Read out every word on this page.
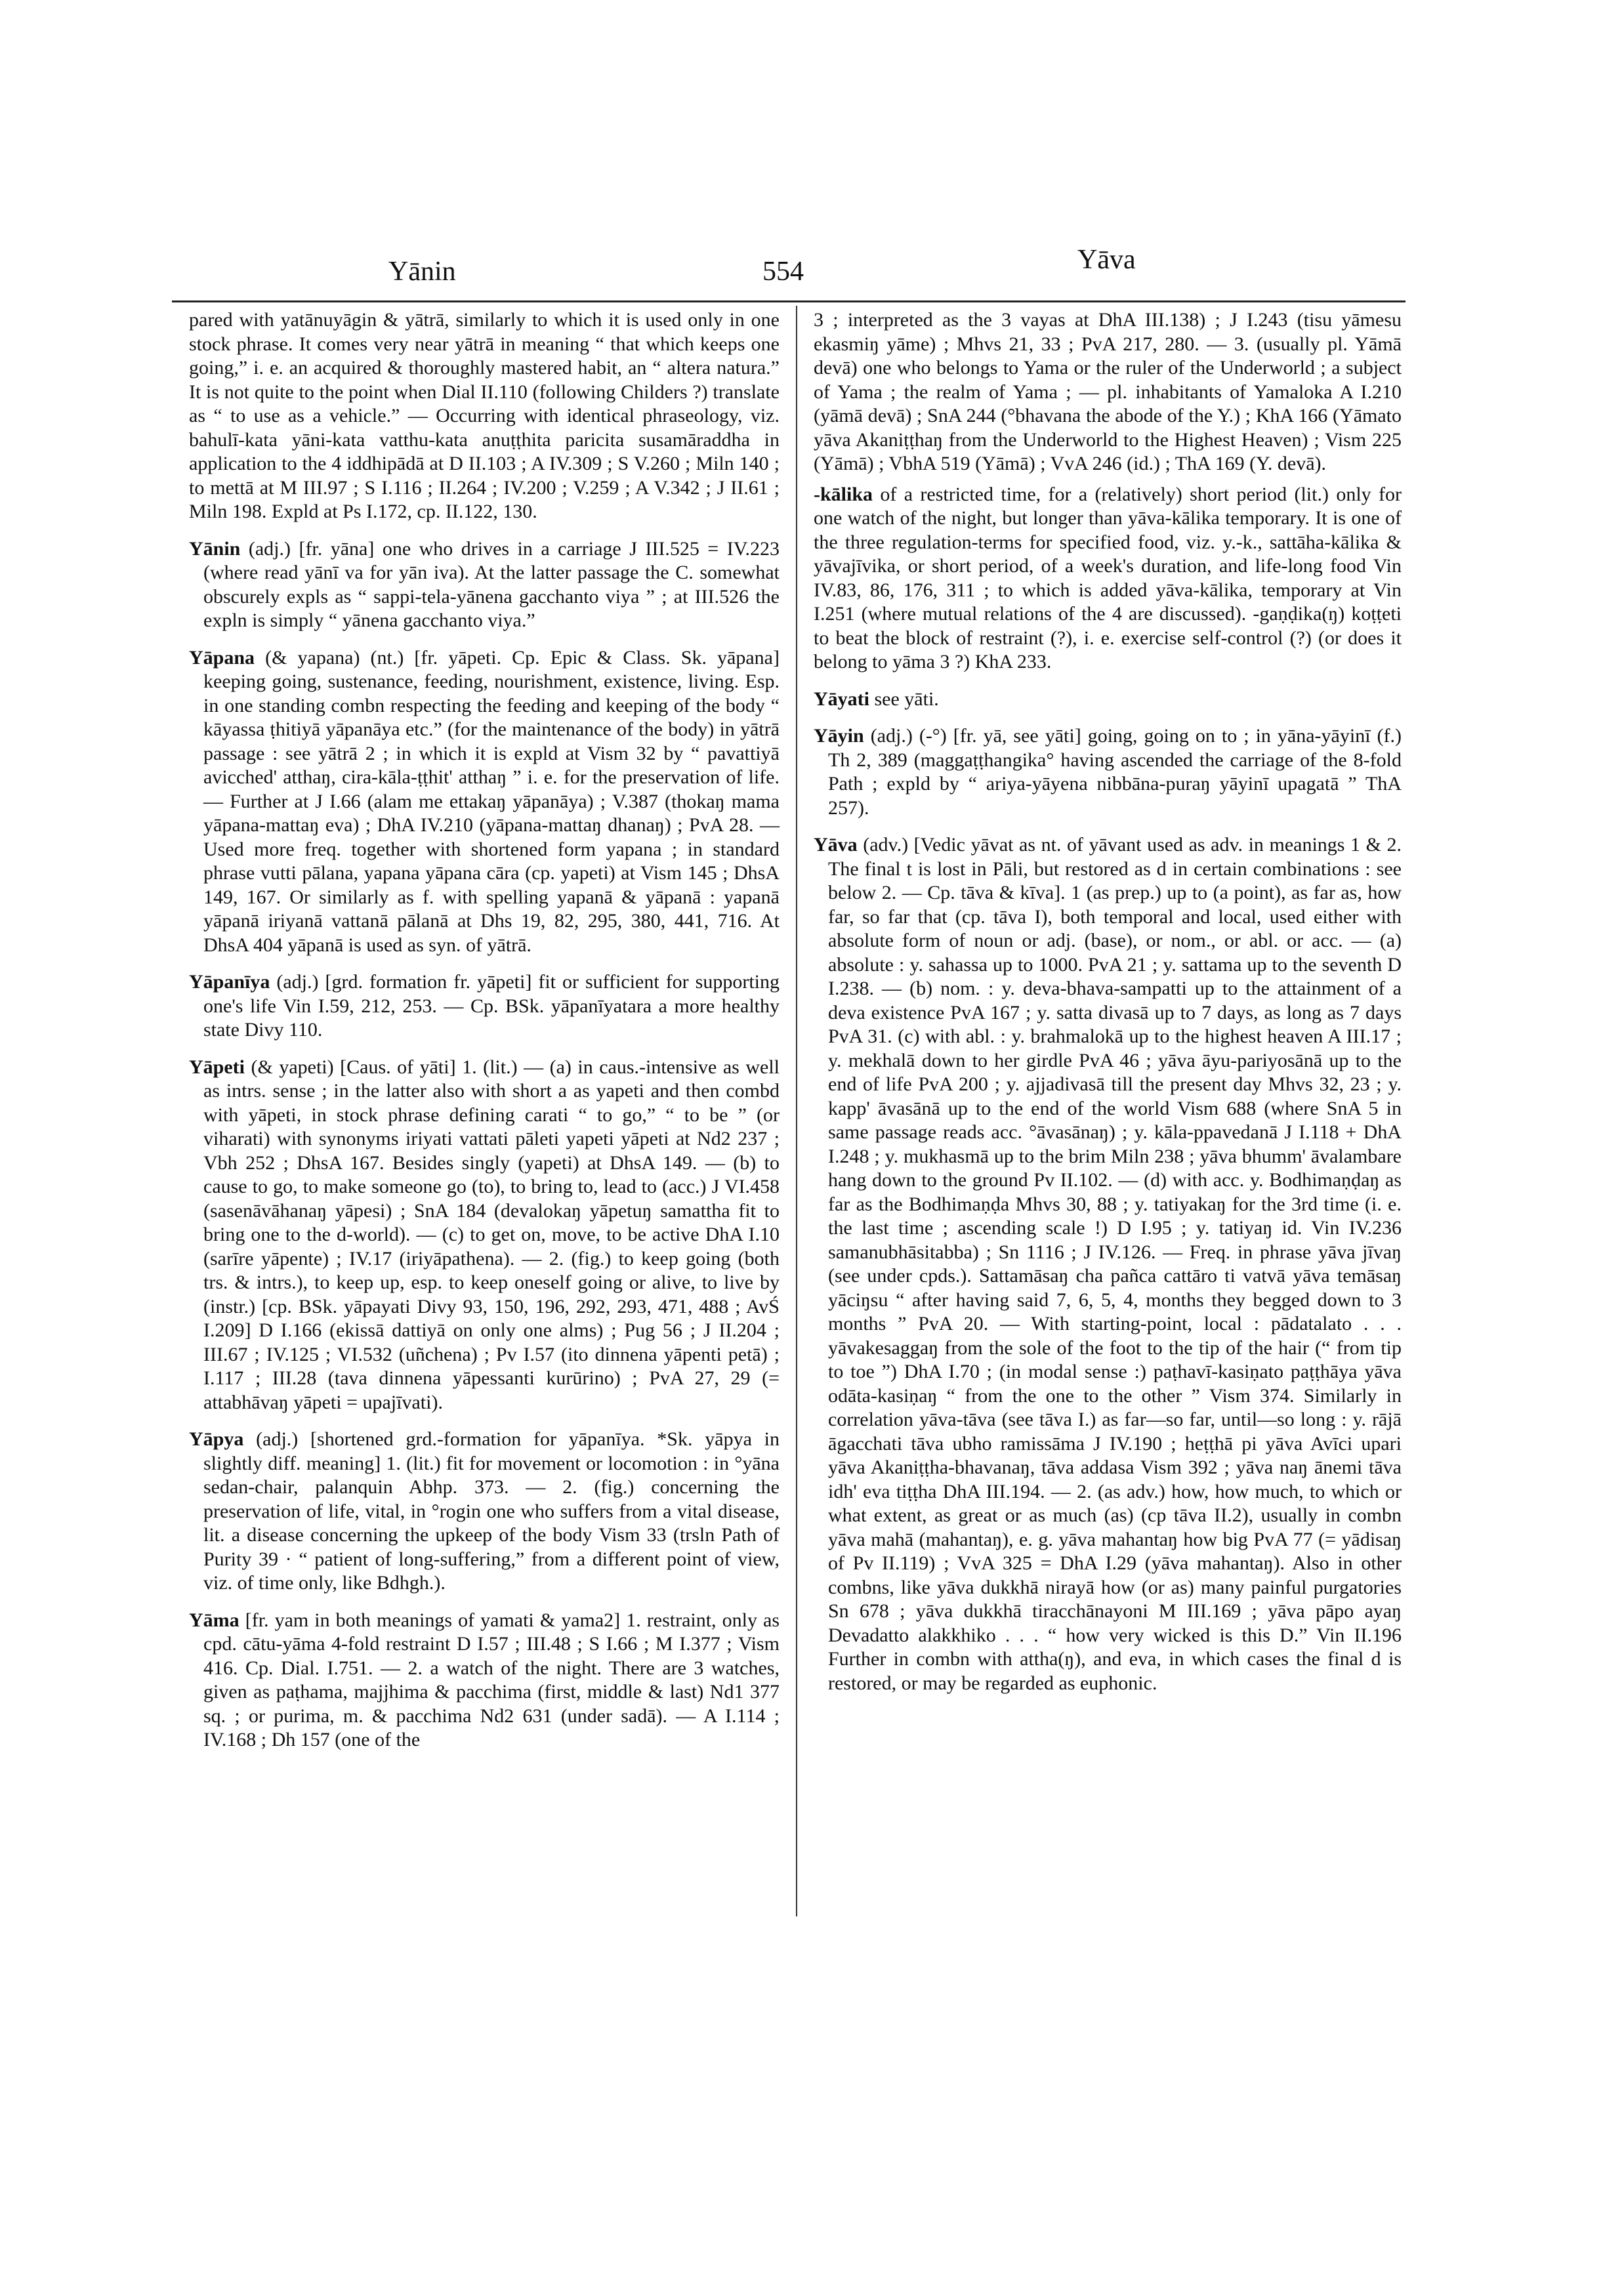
Yānin	554	Yāva

pared with yatānuyāgin & yātrā, similarly to which it is used only in one stock phrase. It comes very near yātrā in meaning “ that which keeps one going,” i. e. an acquired & thoroughly mastered habit, an “ altera natura.” It is not quite to the point when Dial II.110 (following Childers ?) translate as “ to use as a vehicle.” — Occurring with identical phraseology, viz. bahulī-kata yāni-kata vatthu-kata anuṭṭhita paricita susamāraddha in application to the 4 iddhipādā at D II.103 ; A IV.309 ; S V.260 ; Miln 140 ; to mettā at M III.97 ; S I.116 ; II.264 ; IV.200 ; V.259 ; A V.342 ; J II.61 ; Miln 198. Expld at Ps I.172, cp. II.122, 130.

Yānin (adj.) [fr. yāna] one who drives in a carriage J III.525 = IV.223 (where read yānī va for yān iva). At the latter passage the C. somewhat obscurely expls as “ sappi-tela-yānena gacchanto viya ” ; at III.526 the expln is simply “ yānena gacchanto viya.”

Yāpana (& yapana) (nt.) [fr. yāpeti. Cp. Epic & Class. Sk. yāpana] keeping going, sustenance, feeding, nourishment, existence, living. Esp. in one standing combn respecting the feeding and keeping of the body “ kāyassa ṭhitiyā yāpanāya etc.” (for the maintenance of the body) in yātrā passage : see yātrā 2 ; in which it is expld at Vism 32 by “ pavattiyā avicched' atthaŋ, cira-kāla-ṭṭhit' atthaŋ ” i. e. for the preservation of life. — Further at J I.66 (alam me ettakaŋ yāpanāya) ; V.387 (thokaŋ mama yāpana-mattaŋ eva) ; DhA IV.210 (yāpana-mattaŋ dhanaŋ) ; PvA 28. — Used more freq. together with shortened form yapana ; in standard phrase vutti pālana, yapana yāpana cāra (cp. yapeti) at Vism 145 ; DhsA 149, 167. Or similarly as f. with spelling yapanā & yāpanā : yapanā yāpanā iriyanā vattanā pālanā at Dhs 19, 82, 295, 380, 441, 716. At DhsA 404 yāpanā is used as syn. of yātrā.

Yāpanīya (adj.) [grd. formation fr. yāpeti] fit or sufficient for supporting one's life Vin I.59, 212, 253. — Cp. BSk. yāpanīyatara a more healthy state Divy 110.

Yāpeti (& yapeti) [Caus. of yāti] 1. (lit.) — (a) in caus.-intensive as well as intrs. sense ; in the latter also with short a as yapeti and then combd with yāpeti, in stock phrase defining carati “ to go,” “ to be ” (or viharati) with synonyms iriyati vattati pāleti yapeti yāpeti at Nd2 237 ; Vbh 252 ; DhsA 167. Besides singly (yapeti) at DhsA 149. — (b) to cause to go, to make someone go (to), to bring to, lead to (acc.) J VI.458 (sasenāvāhanaŋ yāpesi) ; SnA 184 (devalokaŋ yāpetuŋ samattha fit to bring one to the d-world). — (c) to get on, move, to be active DhA I.10 (sarīre yāpente) ; IV.17 (iriyāpathena). — 2. (fig.) to keep going (both trs. & intrs.), to keep up, esp. to keep oneself going or alive, to live by (instr.) [cp. BSk. yāpayati Divy 93, 150, 196, 292, 293, 471, 488 ; AvŚ I.209] D I.166 (ekissā dattiyā on only one alms) ; Pug 56 ; J II.204 ; III.67 ; IV.125 ; VI.532 (uñchena) ; Pv I.57 (ito dinnena yāpenti petā) ; I.117 ; III.28 (tava dinnena yāpessanti kurūrino) ; PvA 27, 29 (= attabhāvaŋ yāpeti = upajīvati).

Yāpya (adj.) [shortened grd.-formation for yāpanīya. *Sk. yāpya in slightly diff. meaning] 1. (lit.) fit for movement or locomotion : in °yāna sedan-chair, palanquin Abhp. 373. — 2. (fig.) concerning the preservation of life, vital, in °rogin one who suffers from a vital disease, lit. a disease concerning the upkeep of the body Vism 33 (trsln Path of Purity 39 · “ patient of long-suffering,” from a different point of view, viz. of time only, like Bdhgh.).

Yāma [fr. yam in both meanings of yamati & yama2] 1. restraint, only as cpd. cātu-yāma 4-fold restraint D I.57 ; III.48 ; S I.66 ; M I.377 ; Vism 416. Cp. Dial. I.751. — 2. a watch of the night. There are 3 watches, given as paṭhama, majjhima & pacchima (first, middle & last) Nd1 377 sq. ; or purima, m. & pacchima Nd2 631 (under sadā). — A I.114 ; IV.168 ; Dh 157 (one of the

3 ; interpreted as the 3 vayas at DhA III.138) ; J I.243 (tisu yāmesu ekasmiŋ yāme) ; Mhvs 21, 33 ; PvA 217, 280. — 3. (usually pl. Yāmā devā) one who belongs to Yama or the ruler of the Underworld ; a subject of Yama ; the realm of Yama ; — pl. inhabitants of Yamaloka A I.210 (yāmā devā) ; SnA 244 (°bhavana the abode of the Y.) ; KhA 166 (Yāmato yāva Akaniṭṭhaŋ from the Underworld to the Highest Heaven) ; Vism 225 (Yāmā) ; VbhA 519 (Yāmā) ; VvA 246 (id.) ; ThA 169 (Y. devā).

-kālika of a restricted time, for a (relatively) short period (lit.) only for one watch of the night, but longer than yāva-kālika temporary. It is one of the three regulation-terms for specified food, viz. y.-k., sattāha-kālika & yāvajīvika, or short period, of a week's duration, and life-long food Vin IV.83, 86, 176, 311 ; to which is added yāva-kālika, temporary at Vin I.251 (where mutual relations of the 4 are discussed). -gaṇḍika(ŋ) koṭṭeti to beat the block of restraint (?), i. e. exercise self-control (?) (or does it belong to yāma 3 ?) KhA 233.

Yāyati see yāti.

Yāyin (adj.) (-°) [fr. yā, see yāti] going, going on to ; in yāna-yāyinī (f.) Th 2, 389 (maggaṭṭhangika° having ascended the carriage of the 8-fold Path ; expld by “ ariya-yāyena nibbāna-puraŋ yāyinī upagatā ” ThA 257).

Yāva (adv.) [Vedic yāvat as nt. of yāvant used as adv. in meanings 1 & 2. The final t is lost in Pāli, but restored as d in certain combinations : see below 2. — Cp. tāva & kīva]. 1 (as prep.) up to (a point), as far as, how far, so far that (cp. tāva I), both temporal and local, used either with absolute form of noun or adj. (base), or nom., or abl. or acc. — (a) absolute : y. sahassa up to 1000. PvA 21 ; y. sattama up to the seventh D I.238. — (b) nom. : y. deva-bhava-sampatti up to the attainment of a deva existence PvA 167 ; y. satta divasā up to 7 days, as long as 7 days PvA 31. (c) with abl. : y. brahmalokā up to the highest heaven A III.17 ; y. mekhalā down to her girdle PvA 46 ; yāva āyu-pariyosānā up to the end of life PvA 200 ; y. ajjadivasā till the present day Mhvs 32, 23 ; y. kapp' āvasānā up to the end of the world Vism 688 (where SnA 5 in same passage reads acc. °āvasānaŋ) ; y. kāla-ppavedanā J I.118 + DhA I.248 ; y. mukhasmā up to the brim Miln 238 ; yāva bhumm' āvalambare hang down to the ground Pv II.102. — (d) with acc. y. Bodhimaṇḍaŋ as far as the Bodhimaṇḍa Mhvs 30, 88 ; y. tatiyakaŋ for the 3rd time (i. e. the last time ; ascending scale !) D I.95 ; y. tatiyaŋ id. Vin IV.236 samanubhāsitabba) ; Sn 1116 ; J IV.126. — Freq. in phrase yāva jīvaŋ (see under cpds.). Sattamāsaŋ cha pañca cattāro ti vatvā yāva temāsaŋ yāciŋsu “ after having said 7, 6, 5, 4, months they begged down to 3 months ” PvA 20. — With starting-point, local : pādatalato . . . yāvakesaggaŋ from the sole of the foot to the tip of the hair (“ from tip to toe ”) DhA I.70 ; (in modal sense :) paṭhavī-kasiṇato paṭṭhāya yāva odāta-kasiṇaŋ “ from the one to the other ” Vism 374. Similarly in correlation yāva-tāva (see tāva I.) as far—so far, until—so long : y. rājā āgacchati tāva ubho ramissāma J IV.190 ; heṭṭhā pi yāva Avīci upari yāva Akaniṭṭha-bhavanaŋ, tāva addasa Vism 392 ; yāva naŋ ānemi tāva idh' eva tiṭṭha DhA III.194. — 2. (as adv.) how, how much, to which or what extent, as great or as much (as) (cp tāva II.2), usually in combn yāva mahā (mahantaŋ), e. g. yāva mahantaŋ how big PvA 77 (= yādisaŋ of Pv II.119) ; VvA 325 = DhA I.29 (yāva mahantaŋ). Also in other combns, like yāva dukkhā nirayā how (or as) many painful purgatories Sn 678 ; yāva dukkhā tiracchānayoni M III.169 ; yāva pāpo ayaŋ Devadatto alakkhiko . . . “ how very wicked is this D.” Vin II.196 Further in combn with attha(ŋ), and eva, in which cases the final d is restored, or may be regarded as euphonic.
